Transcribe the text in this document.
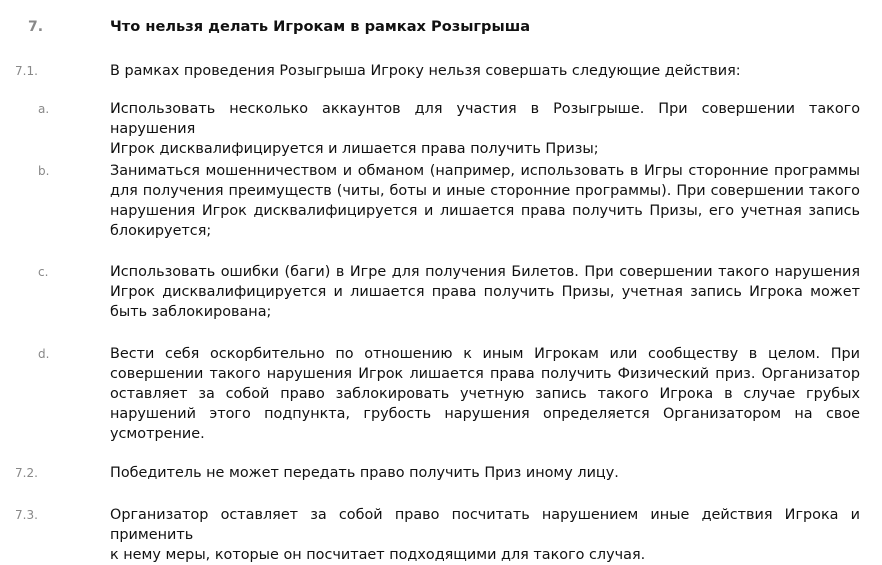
7.	Что нельзя делать Игрокам в рамках Розыгрыша
7.1.	В рамках проведения Розыгрыша Игроку нельзя совершать следующие действия:
a.	Использовать несколько аккаунтов для участия в Розыгрыше. При совершении такого нарушения
Игрок дисквалифицируется и лишается права получить Призы;
b.	Заниматься мошенничеством и обманом (например, использовать в Игры сторонние программы
для получения преимуществ (читы, боты и иные сторонние программы). При совершении такого
нарушения Игрок дисквалифицируется и лишается права получить Призы, его учетная запись
блокируется;
c.	Использовать ошибки (баги) в Игре для получения Билетов. При совершении такого нарушения
Игрок дисквалифицируется и лишается права получить Призы, учетная запись Игрока может
быть заблокирована;
d.	Вести себя оскорбительно по отношению к иным Игрокам или сообществу в целом. При
совершении такого нарушения Игрок лишается права получить Физический приз. Организатор
оставляет за собой право заблокировать учетную запись такого Игрока в случае грубых
нарушений этого подпункта, грубость нарушения определяется Организатором на свое
усмотрение.
7.2.	Победитель не может передать право получить Приз иному лицу.
7.3.	Организатор оставляет за собой право посчитать нарушением иные действия Игрока и применить
к нему меры, которые он посчитает подходящими для такого случая.
